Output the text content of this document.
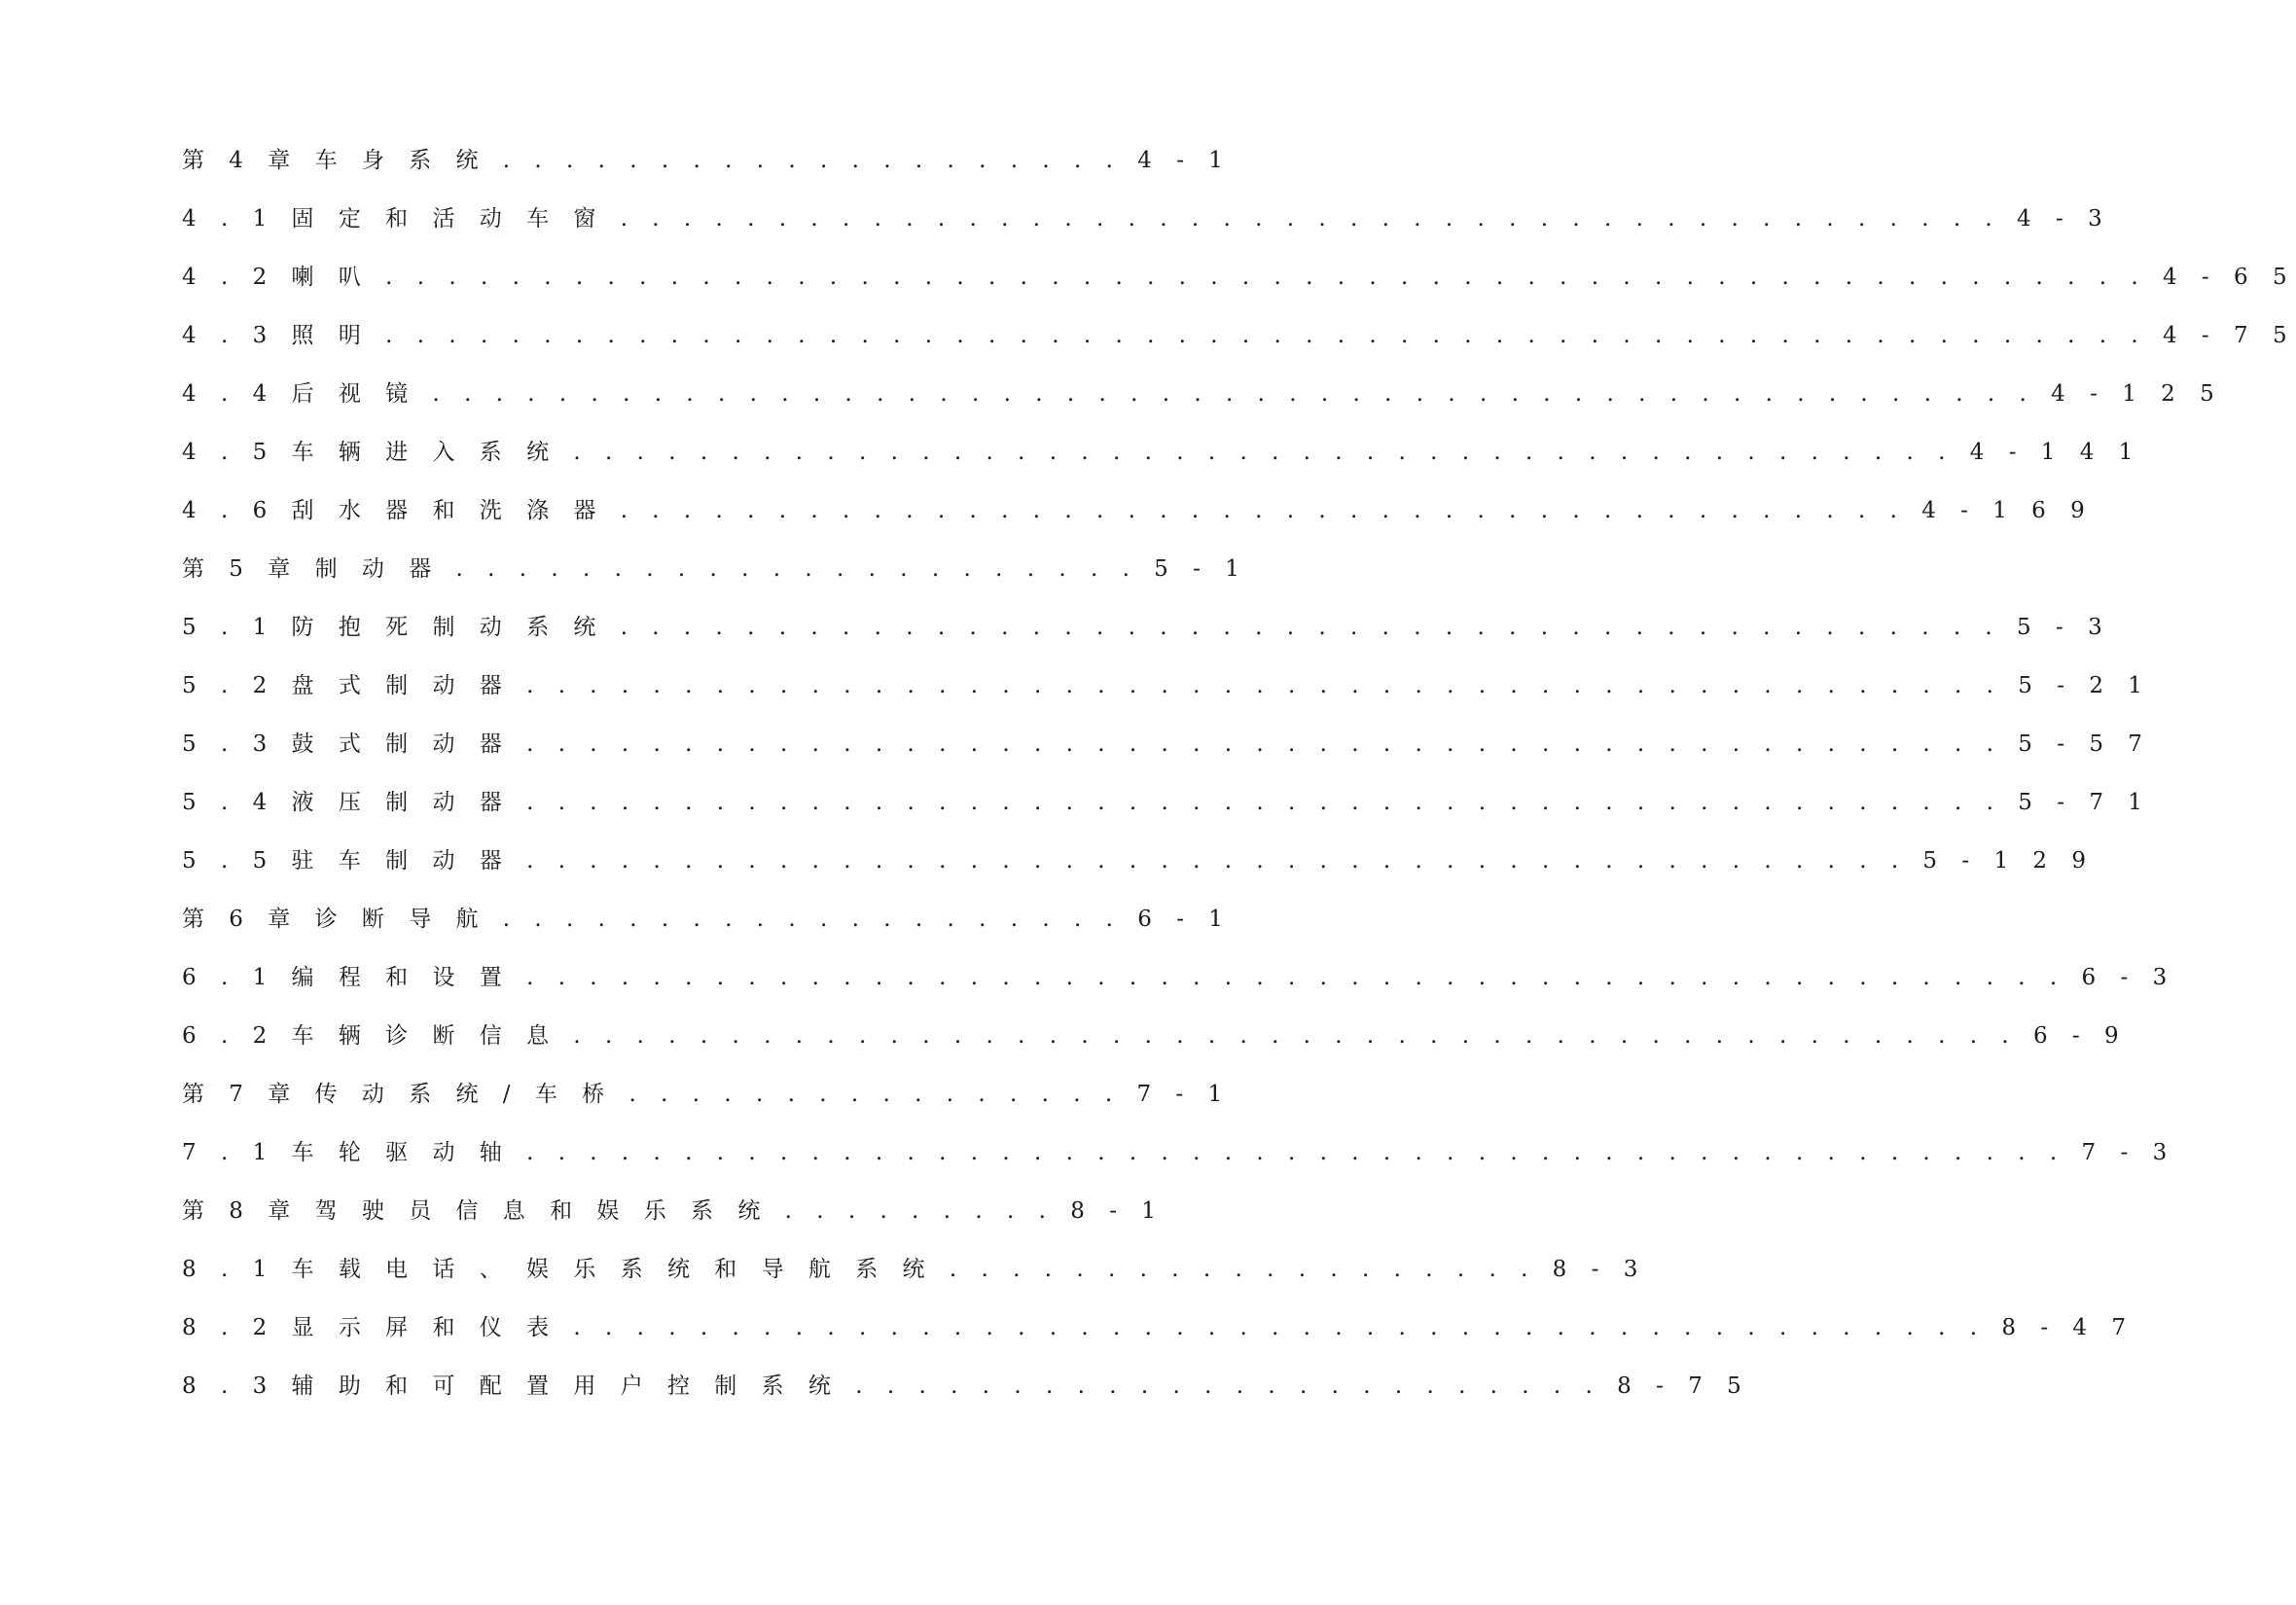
第 4 章 车 身 系 统 . . . . . . . . . . . . . . . . . . . . 4 - 1
4 . 1 固 定 和 活 动 车 窗 . . . . . . . . . . . . . . . . . . . . . . . . . . . . . . . . . . . . . . . . . . . . 4 - 3
4 . 2 喇 叭 . . . . . . . . . . . . . . . . . . . . . . . . . . . . . . . . . . . . . . . . . . . . . . . . . . . . . . . . 4 - 6 5
4 . 3 照 明 . . . . . . . . . . . . . . . . . . . . . . . . . . . . . . . . . . . . . . . . . . . . . . . . . . . . . . . . 4 - 7 5
4 . 4 后 视 镜 . . . . . . . . . . . . . . . . . . . . . . . . . . . . . . . . . . . . . . . . . . . . . . . . . . . 4 - 1 2 5
4 . 5 车 辆 进 入 系 统 . . . . . . . . . . . . . . . . . . . . . . . . . . . . . . . . . . . . . . . . . . . . 4 - 1 4 1
4 . 6 刮 水 器 和 洗 涤 器 . . . . . . . . . . . . . . . . . . . . . . . . . . . . . . . . . . . . . . . . . 4 - 1 6 9
第 5 章 制 动 器 . . . . . . . . . . . . . . . . . . . . . . 5 - 1
5 . 1 防 抱 死 制 动 系 统 . . . . . . . . . . . . . . . . . . . . . . . . . . . . . . . . . . . . . . . . . . . . 5 - 3
5 . 2 盘 式 制 动 器 . . . . . . . . . . . . . . . . . . . . . . . . . . . . . . . . . . . . . . . . . . . . . . . 5 - 2 1
5 . 3 鼓 式 制 动 器 . . . . . . . . . . . . . . . . . . . . . . . . . . . . . . . . . . . . . . . . . . . . . . . 5 - 5 7
5 . 4 液 压 制 动 器 . . . . . . . . . . . . . . . . . . . . . . . . . . . . . . . . . . . . . . . . . . . . . . . 5 - 7 1
5 . 5 驻 车 制 动 器 . . . . . . . . . . . . . . . . . . . . . . . . . . . . . . . . . . . . . . . . . . . . 5 - 1 2 9
第 6 章 诊 断 导 航 . . . . . . . . . . . . . . . . . . . . 6 - 1
6 . 1 编 程 和 设 置 . . . . . . . . . . . . . . . . . . . . . . . . . . . . . . . . . . . . . . . . . . . . . . . . . 6 - 3
6 . 2 车 辆 诊 断 信 息 . . . . . . . . . . . . . . . . . . . . . . . . . . . . . . . . . . . . . . . . . . . . . . 6 - 9
第 7 章 传 动 系 统 / 车 桥 . . . . . . . . . . . . . . . . 7 - 1
7 . 1 车 轮 驱 动 轴 . . . . . . . . . . . . . . . . . . . . . . . . . . . . . . . . . . . . . . . . . . . . . . . . . 7 - 3
第 8 章 驾 驶 员 信 息 和 娱 乐 系 统 . . . . . . . . . 8 - 1
8 . 1 车 载 电 话 、 娱 乐 系 统 和 导 航 系 统 . . . . . . . . . . . . . . . . . . . 8 - 3
8 . 2 显 示 屏 和 仪 表 . . . . . . . . . . . . . . . . . . . . . . . . . . . . . . . . . . . . . . . . . . . . . 8 - 4 7
8 . 3 辅 助 和 可 配 置 用 户 控 制 系 统 . . . . . . . . . . . . . . . . . . . . . . . . 8 - 7 5
